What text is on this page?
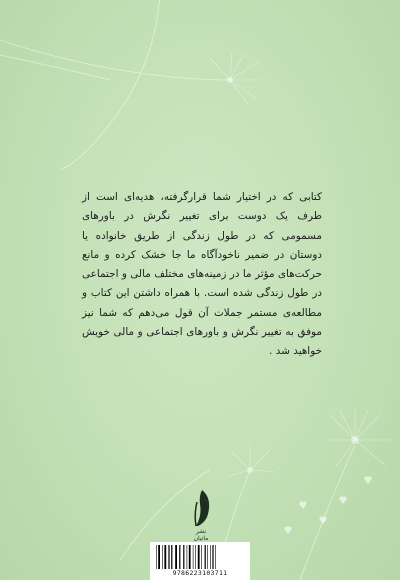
کتابی که در اختیار شما قرارگرفته، هدیه‌ای است از طرف یک دوست برای تغییر نگرش در باورهای مسمومی که در طول زندگی از طریق خانواده یا دوستان در ضمیر ناخودآگاه ما جا خشک کرده و مانع حرکت‌های مؤثر ما در زمینه‌های مختلف مالی و اجتماعی در طول زندگی شده است. با همراه داشتن این کتاب و مطالعه‌ی مستمر جملات آن قول می‌دهم که شما نیز موفق به تغییر نگرش و باورهای اجتماعی و مالی خویش خواهید شد .
نشر
ماتیان
9786223103711
